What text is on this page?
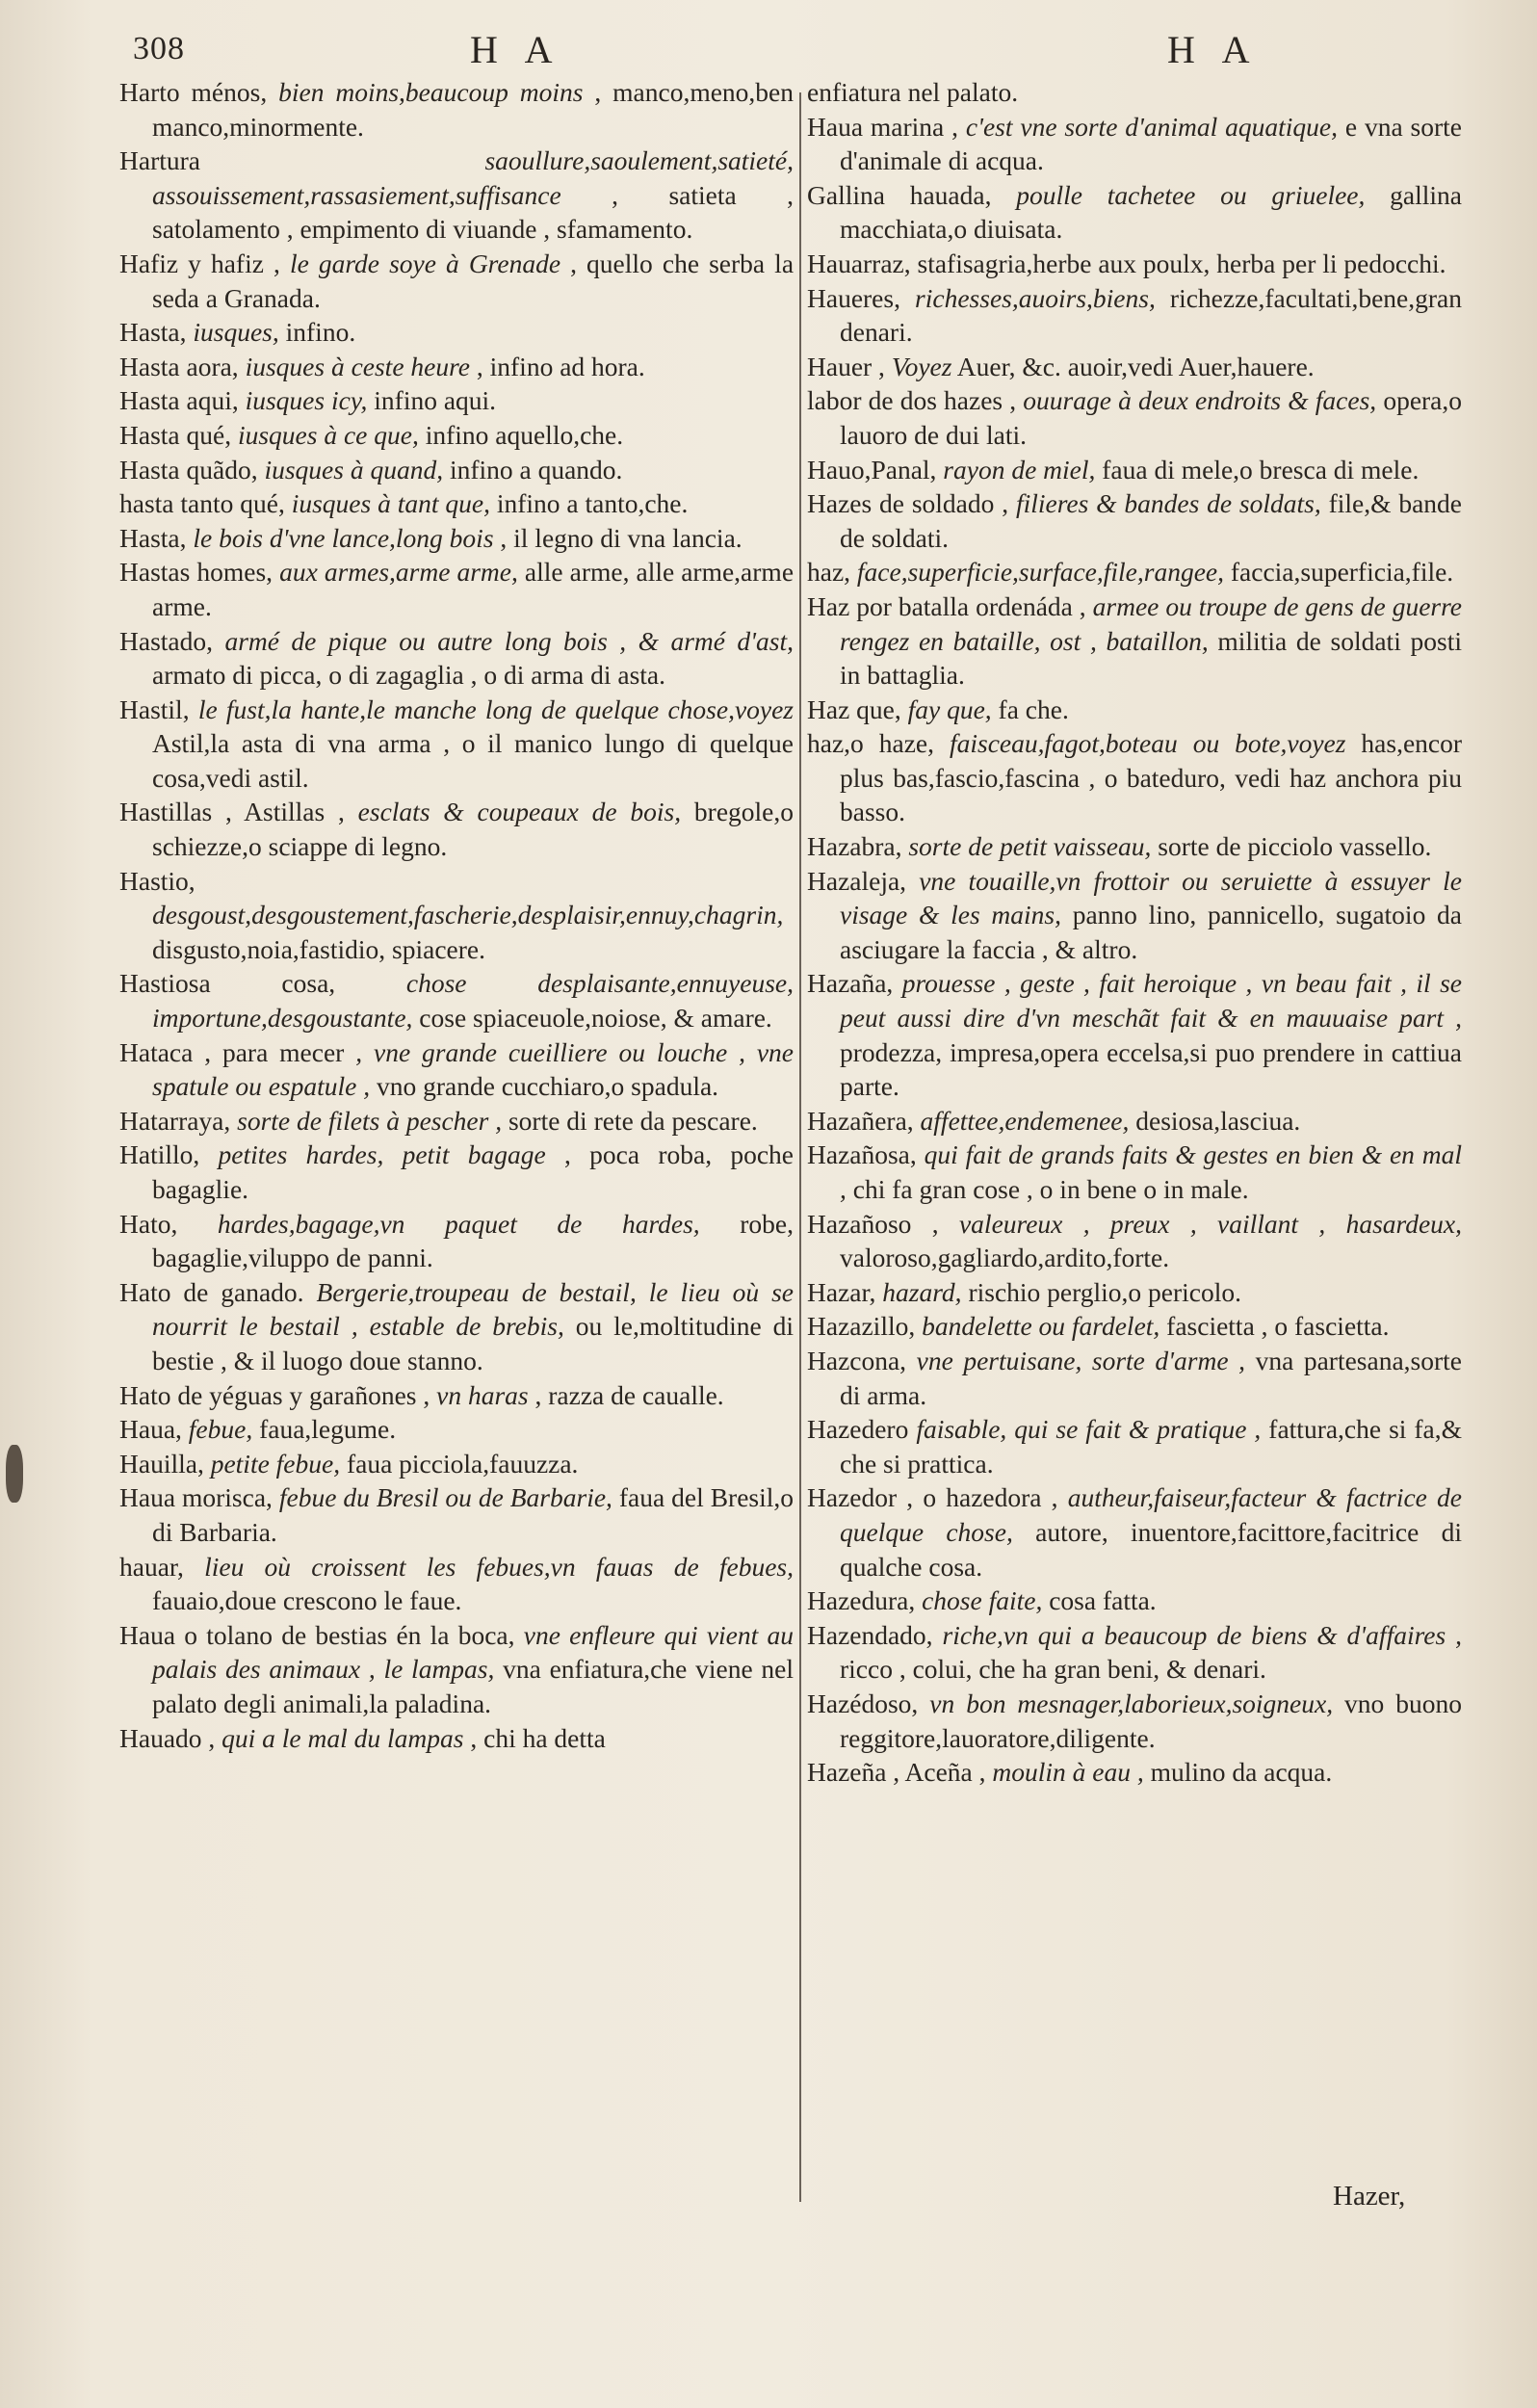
308	H A	H A

Harto ménos, bien moins,beaucoup moins , manco,meno,ben manco,minormente.

Hartura	saoullure,saoulement,satieté, assouissement,rassasiement,suffisance , satieta , satolamento , empimento di viuande , sfamamento.

Hafiz y hafiz , le garde soye à Grenade , quello che serba la seda a Granada.

Hasta, iusques, infino.

Hasta aora, iusques à ceste heure , infino ad hora.

Hasta aqui, iusques icy, infino aqui.

Hasta qué, iusques à ce que, infino aquello,che.

Hasta quãdo, iusques à quand, infino a quando.

hasta tanto qué, iusques à tant que, infino a tanto,che.

Hasta, le bois d'vne lance,long bois , il legno di vna lancia.

Hastas homes, aux armes,arme arme, alle arme, alle arme,arme arme.

Hastado, armé de pique ou autre long bois , & armé d'ast, armato di picca, o di zagaglia , o di arma di asta.

Hastil, le fust,la hante,le manche long de quelque chose,voyez Astil,la asta di vna arma , o il manico lungo di quelque cosa,vedi astil.

Hastillas , Astillas , esclats & coupeaux de bois, bregole,o schiezze,o sciappe di legno.

Hastio, desgoust,desgoustement,fascherie,desplaisir,ennuy,chagrin, disgusto,noia,fastidio, spiacere.

Hastiosa cosa,	chose desplaisante,ennuyeuse, importune,desgoustante, cose spiaceuole,noiose, & amare.

Hataca , para mecer , vne grande cueilliere ou louche , vne spatule ou espatule , vno grande cucchiaro,o spadula.

Hatarraya, sorte de filets à pescher , sorte di rete da pescare.

Hatillo, petites hardes, petit bagage , poca roba, poche bagaglie.

Hato, hardes,bagage,vn paquet de hardes, robe, bagaglie,viluppo de panni.

Hato de ganado. Bergerie,troupeau de bestail, le lieu où se nourrit le bestail , estable de brebis, ou le,moltitudine di bestie , & il luogo doue stanno.

Hato de yéguas y garañones , vn haras , razza de caualle.

Haua, febue, faua,legume.

Hauilla, petite febue, faua picciola,fauuzza.

Haua morisca, febue du Bresil ou de Barbarie, faua del Bresil,o di Barbaria.

hauar, lieu où croissent les febues,vn fauas de febues, fauaio,doue crescono le faue.

Haua o tolano de bestias én la boca, vne enfleure qui vient au palais des animaux , le lampas, vna enfiatura,che viene nel palato degli animali,la paladina.

Hauado , qui a le mal du lampas , chi ha detta

enfiatura nel palato.

Haua marina , c'est vne sorte d'animal aquatique, e vna sorte d'animale di acqua.

Gallina hauada, poulle tachetee ou griuelee, gallina macchiata,o diuisata.

Hauarraz, stafisagria,herbe aux poulx, herba per li pedocchi.

Haueres, richesses,auoirs,biens, richezze,facultati,bene,gran denari.

Hauer , Voyez Auer, &c. auoir,vedi Auer,hauere.

labor de dos hazes , ouurage à deux endroits & faces, opera,o lauoro de dui lati.

Hauo,Panal, rayon de miel, faua di mele,o bresca di mele.

Hazes de soldado , filieres & bandes de soldats, file,& bande de soldati.

haz, face,superficie,surface,file,rangee, faccia,superficia,file.

Haz por batalla ordenáda , armee ou troupe de gens de guerre rengez en bataille, ost , bataillon, militia de soldati posti in battaglia.

Haz que, fay que, fa che.

haz,o haze, faisceau,fagot,boteau ou bote,voyez has,encor plus bas,fascio,fascina , o bateduro, vedi haz anchora piu basso.

Hazabra, sorte de petit vaisseau, sorte de picciolo vassello.

Hazaleja, vne touaille,vn frottoir ou seruiette à essuyer le visage & les mains, panno lino, pannicello, sugatoio da asciugare la faccia , & altro.

Hazaña, prouesse , geste , fait heroique , vn beau fait , il se peut aussi dire d'vn meschãt fait & en mauuaise part , prodezza, impresa,opera eccelsa,si puo prendere in cattiua parte.

Hazañera, affettee,endemenee, desiosa,lasciua.

Hazañosa, qui fait de grands faits & gestes en bien & en mal , chi fa gran cose , o in bene o in male.

Hazañoso , valeureux , preux , vaillant , hasardeux, valoroso,gagliardo,ardito,forte.

Hazar, hazard, rischio perglio,o pericolo.

Hazazillo, bandelette ou fardelet, fascietta , o fascietta.

Hazcona, vne pertuisane, sorte d'arme , vna partesana,sorte di arma.

Hazedero faisable, qui se fait & pratique , fattura,che si fa,& che si prattica.

Hazedor , o hazedora , autheur,faiseur,facteur & factrice de quelque chose, autore, inuentore,facittore,facitrice di qualche cosa.

Hazedura, chose faite, cosa fatta.

Hazendado, riche,vn qui a beaucoup de biens & d'affaires , ricco , colui, che ha gran beni, & denari.

Hazédoso, vn bon mesnager,laborieux,soigneux, vno buono reggitore,lauoratore,diligente.

Hazeña , Aceña , moulin à eau , mulino da acqua.

Hazer,
